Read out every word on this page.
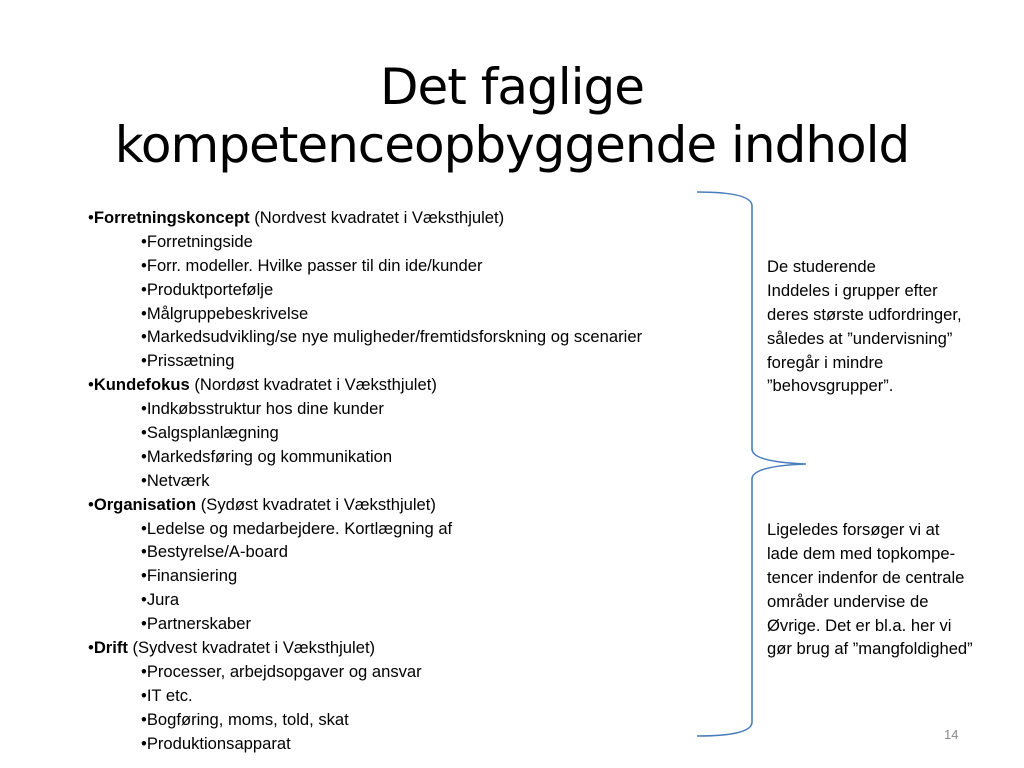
Det faglige
kompetenceopbyggende indhold
•Forretningskoncept (Nordvest kvadratet i Væksthjulet)
•Forretningside
•Forr. modeller. Hvilke passer til din ide/kunder
•Produktportefølje
•Målgruppebeskrivelse
•Markedsudvikling/se nye muligheder/fremtidsforskning og scenarier
•Prissætning
•Kundefokus (Nordøst kvadratet i Væksthjulet)
•Indkøbsstruktur hos dine kunder
•Salgsplanlægning
•Markedsføring og kommunikation
•Netværk
•Organisation (Sydøst kvadratet i Væksthjulet)
•Ledelse og medarbejdere. Kortlægning af
•Bestyrelse/A-board
•Finansiering
•Jura
•Partnerskaber
•Drift (Sydvest kvadratet i Væksthjulet)
•Processer, arbejdsopgaver og ansvar
•IT etc.
•Bogføring, moms, told, skat
•Produktionsapparat
De studerende
Inddeles i grupper efter
deres største udfordringer,
således at ”undervisning”
foregår i mindre
”behovsgrupper”.
Ligeledes forsøger vi at
lade dem med topkompe-
tencer indenfor de centrale
områder undervise de
Øvrige. Det er bl.a. her vi
gør brug af ”mangfoldighed”
14
